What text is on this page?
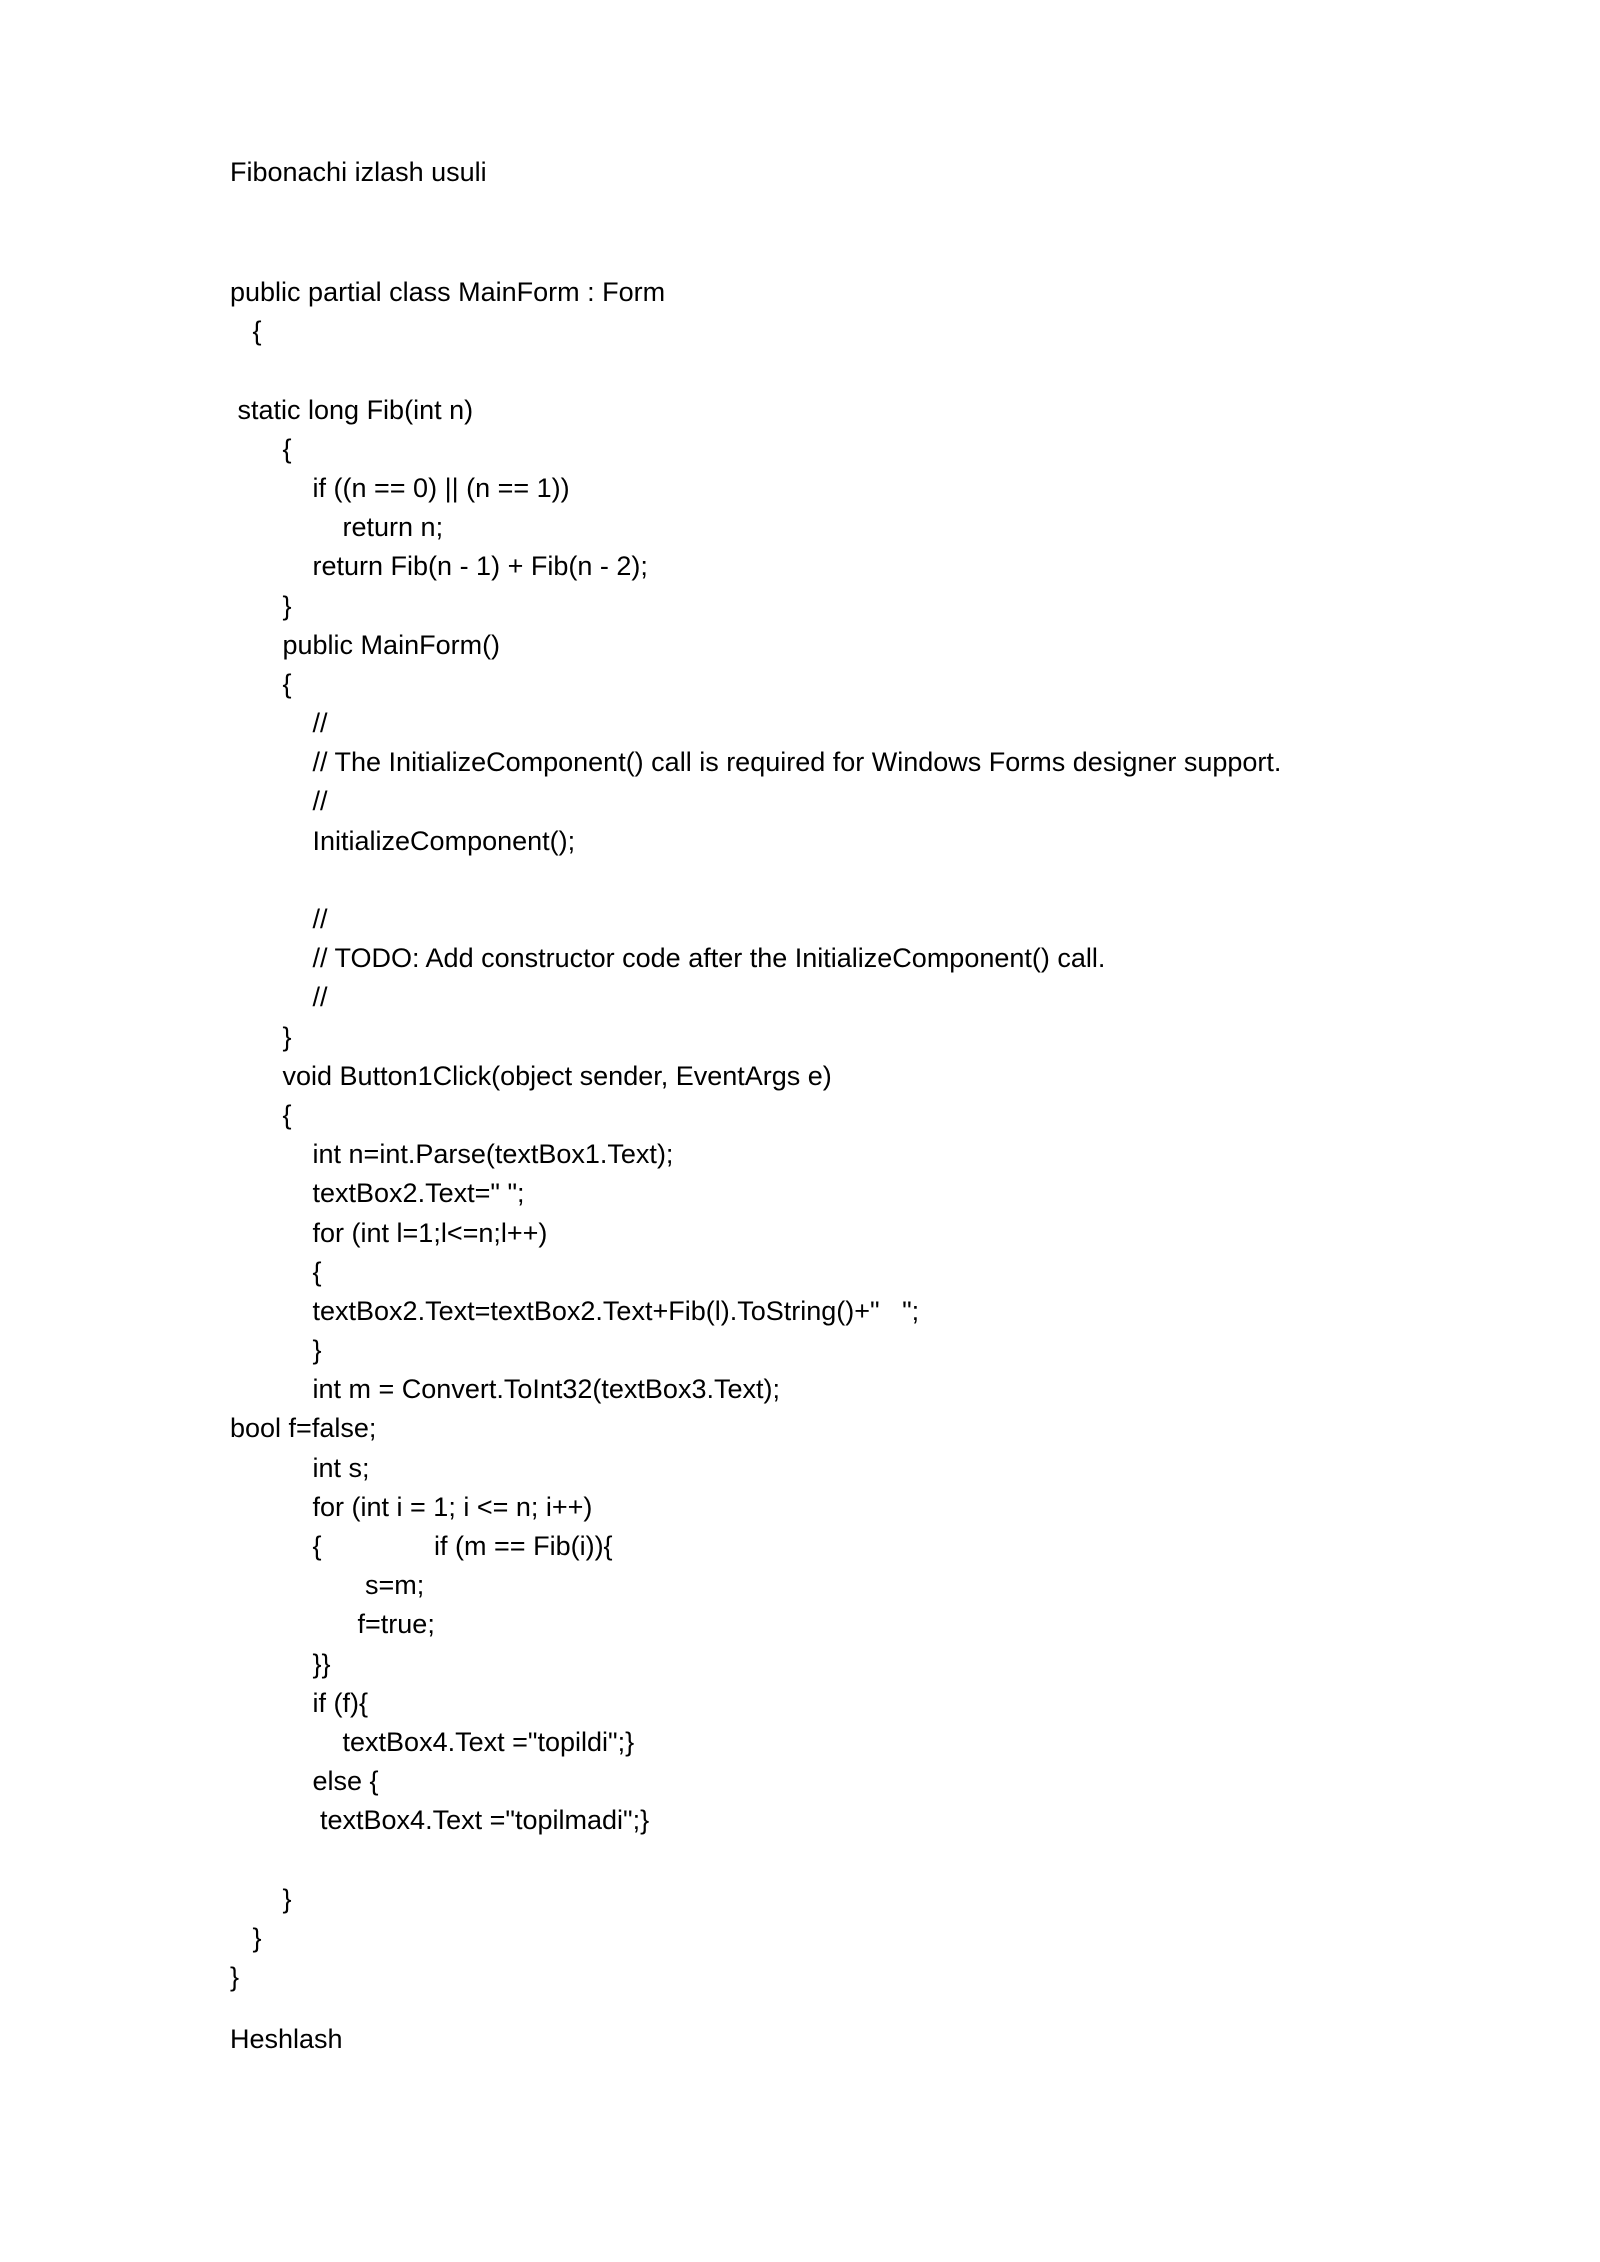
Fibonachi izlash usuli
public partial class MainForm : Form
{
static long Fib(int n)
{
if ((n == 0) || (n == 1))
return n;
return Fib(n - 1) + Fib(n - 2);
}
public MainForm()
{
//
// The InitializeComponent() call is required for Windows Forms designer support.
//
InitializeComponent();
//
// TODO: Add constructor code after the InitializeComponent() call.
//
}
void Button1Click(object sender, EventArgs e)
{
int n=int.Parse(textBox1.Text);
textBox2.Text=" ";
for (int l=1;l<=n;l++)
{
textBox2.Text=textBox2.Text+Fib(l).ToString()+"   ";
}
int m = Convert.ToInt32(textBox3.Text);
bool f=false;
int s;
for (int i = 1; i <= n; i++)
{               if (m == Fib(i)){
s=m;
f=true;
}}
if (f){
textBox4.Text ="topildi";}
else {
textBox4.Text ="topilmadi";}
}
}
}
Heshlash
